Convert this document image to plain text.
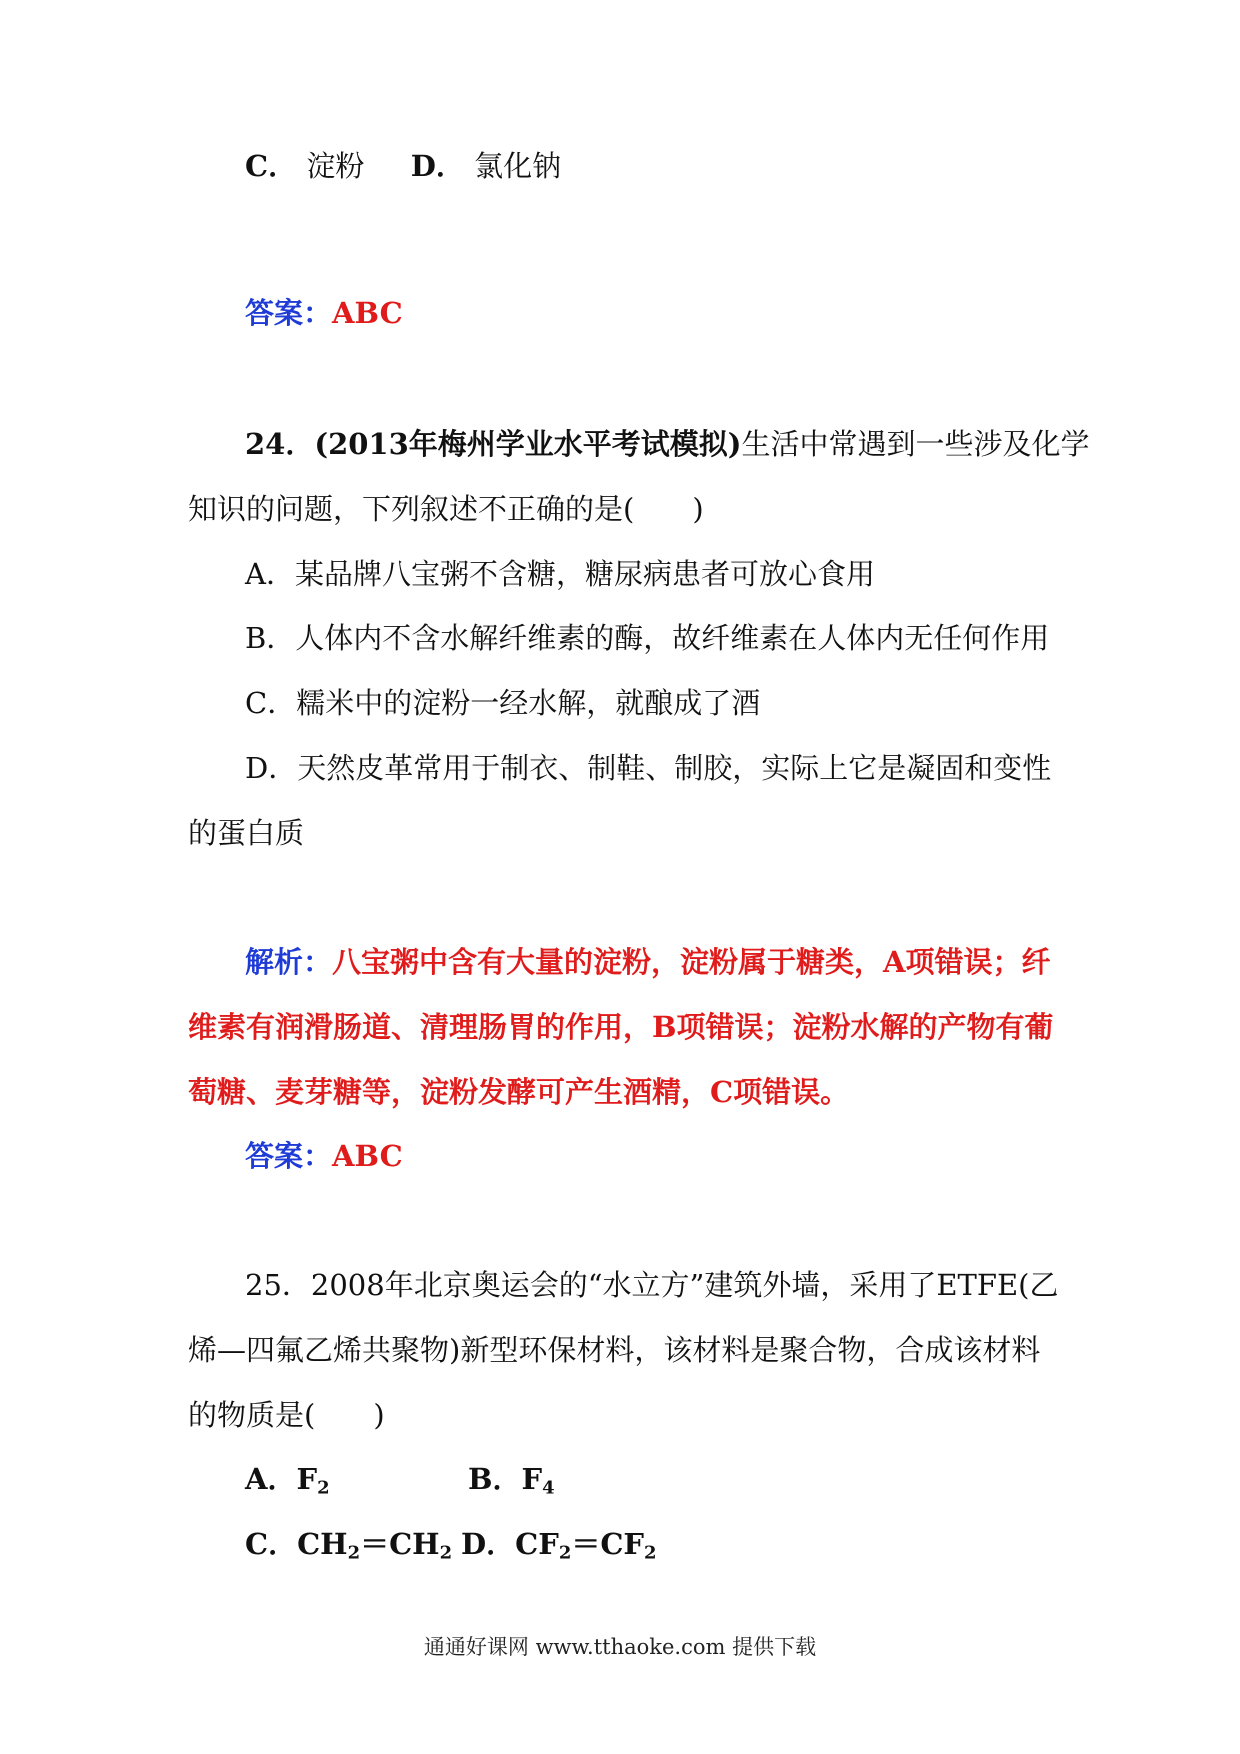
C． 淀粉 D． 氯化钠
答案：ABC
24．(2013年梅州学业水平考试模拟)生活中常遇到一些涉及化学
知识的问题，下列叙述不正确的是(　　)
A．某品牌八宝粥不含糖，糖尿病患者可放心食用
B．人体内不含水解纤维素的酶，故纤维素在人体内无任何作用
C．糯米中的淀粉一经水解，就酿成了酒
D．天然皮革常用于制衣、制鞋、制胶，实际上它是凝固和变性
的蛋白质
解析：八宝粥中含有大量的淀粉，淀粉属于糖类，A项错误；纤
维素有润滑肠道、清理肠胃的作用，B项错误；淀粉水解的产物有葡
萄糖、麦芽糖等，淀粉发酵可产生酒精，C项错误。
答案：ABC
25．2008年北京奥运会的“水立方”建筑外墙，采用了ETFE(乙
烯—四氟乙烯共聚物)新型环保材料，该材料是聚合物，合成该材料
的物质是(　　)
A．$F_2$	B．$F_4$
C．$CH_2=CH_2$ D．$CF_2=CF_2$
通通好课网 www.tthaoke.com 提供下载
